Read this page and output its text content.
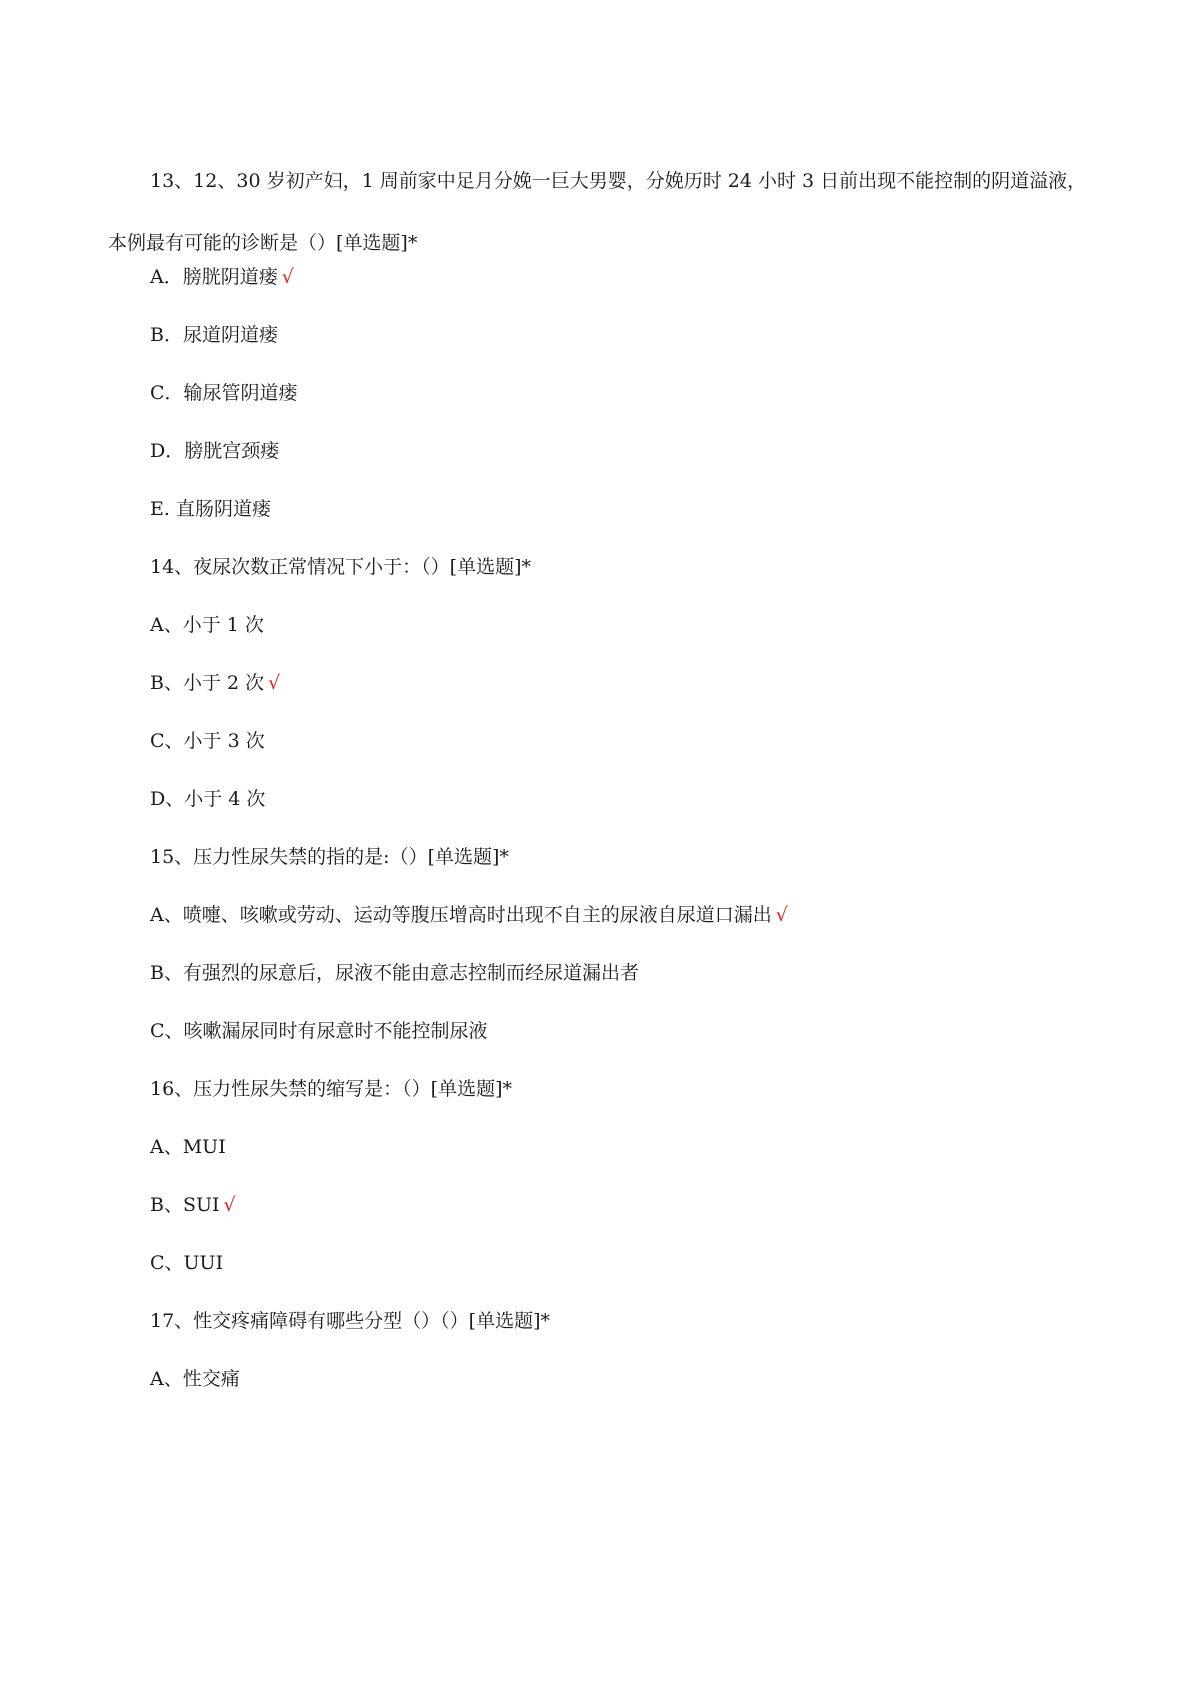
13、12、30 岁初产妇，1 周前家中足月分娩一巨大男婴，分娩历时 24 小时 3 日前出现不能控制的阴道溢液，本例最有可能的诊断是（）[单选题]*
A．膀胱阴道瘘 √
B．尿道阴道瘘
C．输尿管阴道瘘
D．膀胱宫颈瘘
E. 直肠阴道瘘
14、夜尿次数正常情况下小于：（）[单选题]*
A、小于 1 次
B、小于 2 次 √
C、小于 3 次
D、小于 4 次
15、压力性尿失禁的指的是:（）[单选题]*
A、喷嚏、咳嗽或劳动、运动等腹压增高时出现不自主的尿液自尿道口漏出 √
B、有强烈的尿意后，尿液不能由意志控制而经尿道漏出者
C、咳嗽漏尿同时有尿意时不能控制尿液
16、压力性尿失禁的缩写是：（）[单选题]*
A、MUI
B、SUI √
C、UUI
17、性交疼痛障碍有哪些分型（）（）[单选题]*
A、性交痛
